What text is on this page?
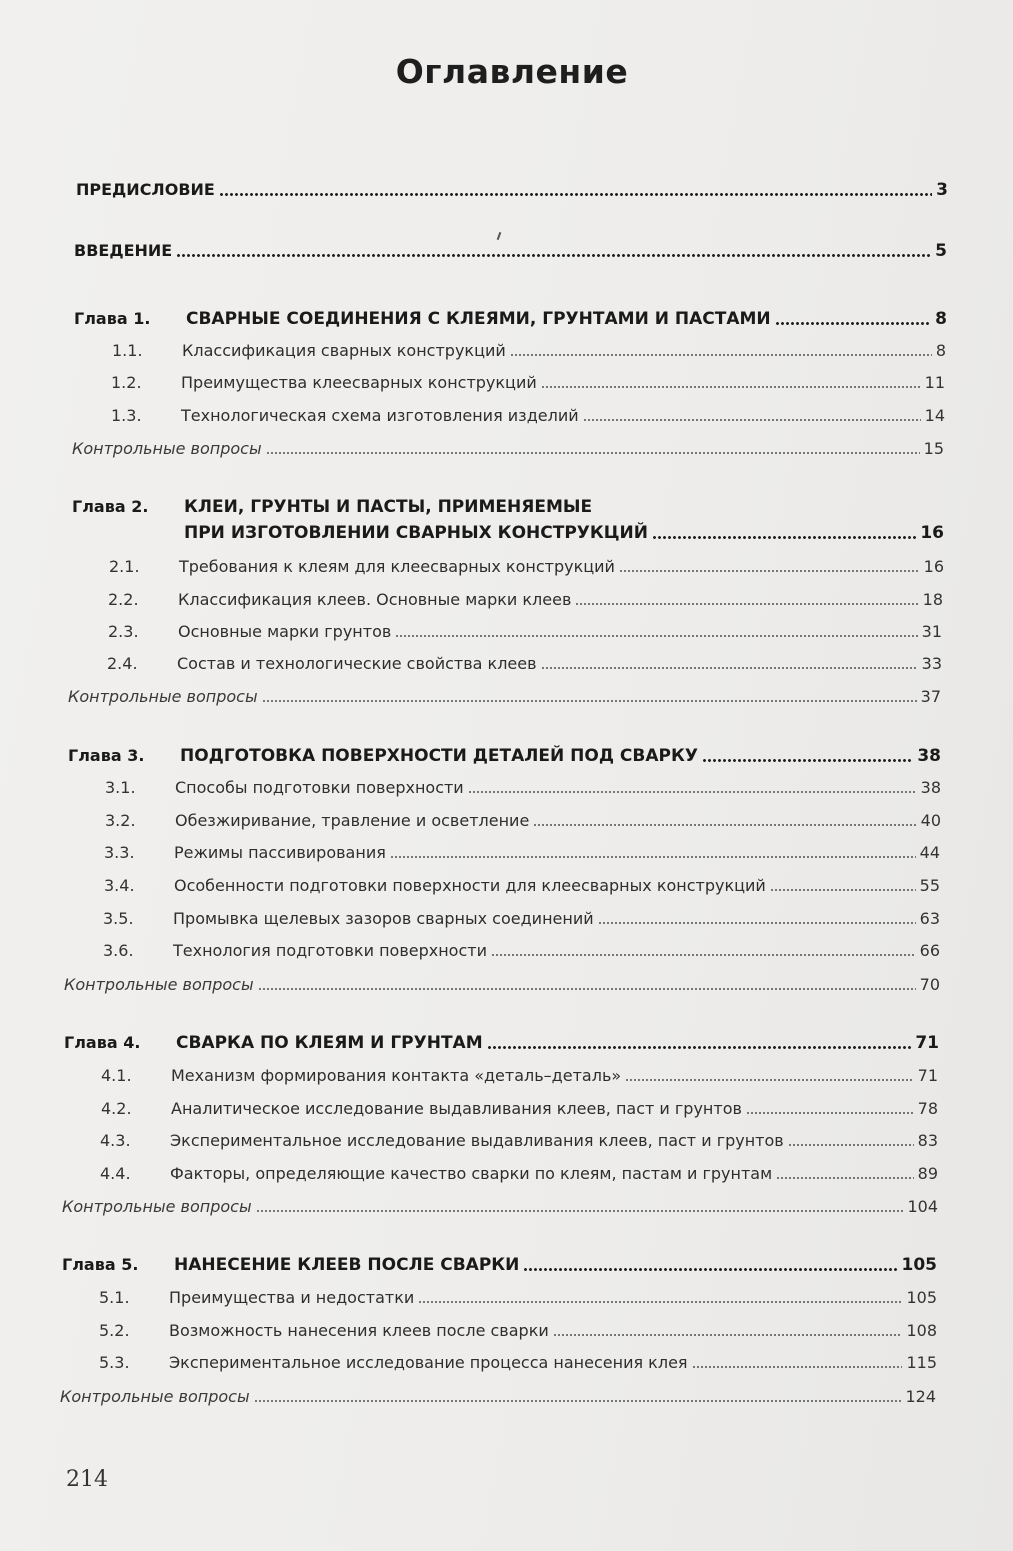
Оглавление
ПРЕДИСЛОВИЕ	3
ВВЕДЕНИЕ	5
Глава 1.	СВАРНЫЕ СОЕДИНЕНИЯ С КЛЕЯМИ, ГРУНТАМИ И ПАСТАМИ	8
1.1.	Классификация сварных конструкций	8
1.2.	Преимущества клеесварных конструкций	11
1.3.	Технологическая схема изготовления изделий	14
Контрольные вопросы	15
Глава 2.	КЛЕИ, ГРУНТЫ И ПАСТЫ, ПРИМЕНЯЕМЫЕ
ПРИ ИЗГОТОВЛЕНИИ СВАРНЫХ КОНСТРУКЦИЙ	16
2.1.	Требования к клеям для клеесварных конструкций	16
2.2.	Классификация клеев. Основные марки клеев	18
2.3.	Основные марки грунтов	31
2.4.	Состав и технологические свойства клеев	33
Контрольные вопросы	37
Глава 3.	ПОДГОТОВКА ПОВЕРХНОСТИ ДЕТАЛЕЙ ПОД СВАРКУ	38
3.1.	Способы подготовки поверхности	38
3.2.	Обезжиривание, травление и осветление	40
3.3.	Режимы пассивирования	44
3.4.	Особенности подготовки поверхности для клеесварных конструкций	55
3.5.	Промывка щелевых зазоров сварных соединений	63
3.6.	Технология подготовки поверхности	66
Контрольные вопросы	70
Глава 4.	СВАРКА ПО КЛЕЯМ И ГРУНТАМ	71
4.1.	Механизм формирования контакта «деталь–деталь»	71
4.2.	Аналитическое исследование выдавливания клеев, паст и грунтов	78
4.3.	Экспериментальное исследование выдавливания клеев, паст и грунтов	83
4.4.	Факторы, определяющие качество сварки по клеям, пастам и грунтам	89
Контрольные вопросы	104
Глава 5.	НАНЕСЕНИЕ КЛЕЕВ ПОСЛЕ СВАРКИ	105
5.1.	Преимущества и недостатки	105
5.2.	Возможность нанесения клеев после сварки	108
5.3.	Экспериментальное исследование процесса нанесения клея	115
Контрольные вопросы	124
214
